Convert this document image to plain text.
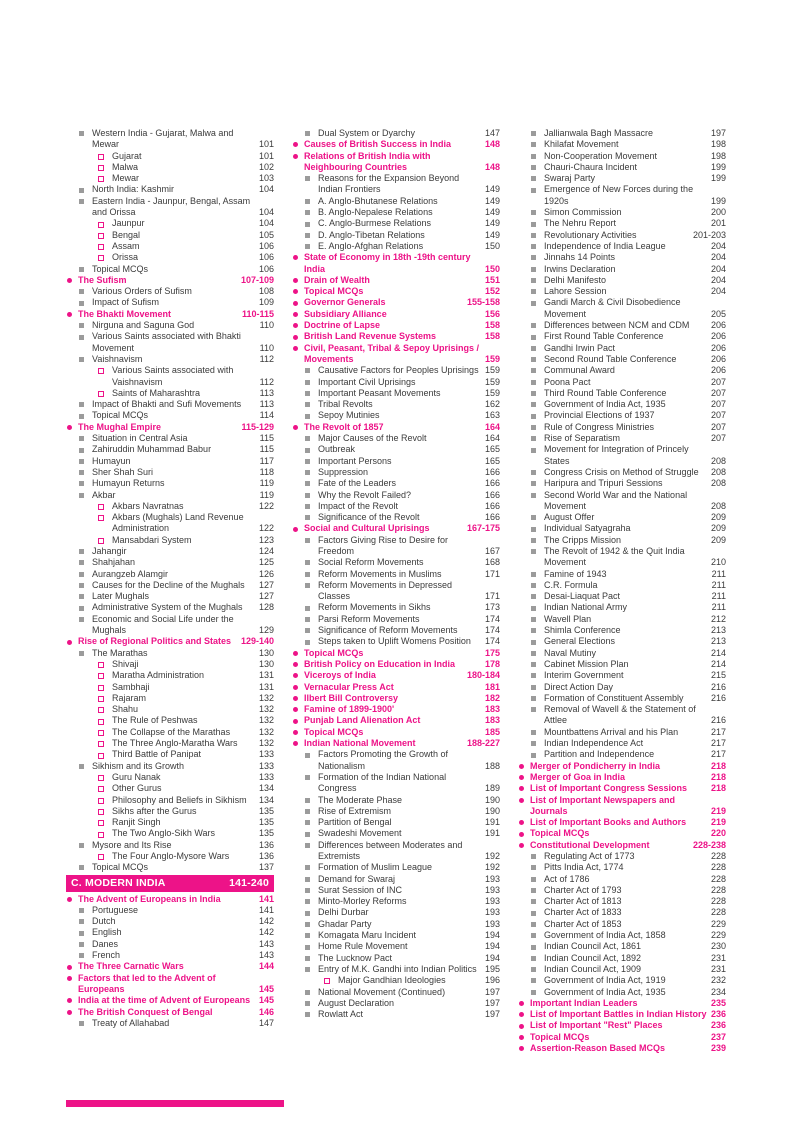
Western India - Gujarat, Malwa and Mewar	101
Gujarat	101
Malwa	102
Mewar	103
North India: Kashmir	104
Eastern India - Jaunpur, Bengal, Assam and Orissa	104
Jaunpur	104
Bengal	105
Assam	106
Orissa	106
Topical MCQs	106
The Sufism	107-109
Various Orders of Sufism	108
Impact of Sufism	109
The Bhakti Movement	110-115
Nirguna and Saguna God	110
Various Saints associated with Bhakti Movement	110
Vaishnavism	112
Various Saints associated with Vaishnavism	112
Saints of Maharashtra	113
Impact of Bhakti and Sufi Movements	113
Topical MCQs	114
The Mughal Empire	115-129
Situation in Central Asia	115
Zahiruddin Muhammad Babur	115
Humayun	117
Sher Shah Suri	118
Humayun Returns	119
Akbar	119
Akbars Navratnas	122
Akbars (Mughals) Land Revenue Administration	122
Mansabdari System	123
Jahangir	124
Shahjahan	125
Aurangzeb Alamgir	126
Causes for the Decline of the Mughals	127
Later Mughals	127
Administrative System of the Mughals	128
Economic and Social Life under the Mughals	129
Rise of Regional Politics and States	129-140
The Marathas	130
Shivaji	130
Maratha Administration	131
Sambhaji	131
Rajaram	132
Shahu	132
The Rule of Peshwas	132
The Collapse of the Marathas	132
The Three Anglo-Maratha Wars	132
Third Battle of Panipat	133
Sikhism and its Growth	133
Guru Nanak	133
Other Gurus	134
Philosophy and Beliefs in Sikhism	134
Sikhs after the Gurus	135
Ranjit Singh	135
The Two Anglo-Sikh Wars	135
Mysore and Its Rise	136
The Four Anglo-Mysore Wars	136
Topical MCQs	137
C. MODERN INDIA	141-240
The Advent of Europeans in India	141
Portuguese	141
Dutch	142
English	142
Danes	143
French	143
The Three Carnatic Wars	144
Factors that led to the Advent of Europeans	145
India at the time of Advent of Europeans 145
The British Conquest of Bengal	146
Treaty of Allahabad	147
Dual System or Dyarchy	147
Causes of British Success in India	148
Relations of British India with Neighbouring Countries	148
Reasons for the Expansion Beyond Indian Frontiers	149
A. Anglo-Bhutanese Relations	149
B. Anglo-Nepalese Relations	149
C. Anglo-Burmese Relations	149
D. Anglo-Tibetan Relations	149
E. Anglo-Afghan Relations	150
State of Economy in 18th -19th century India	150
Drain of Wealth	151
Topical MCQs	152
Governor Generals	155-158
Subsidiary Alliance	156
Doctrine of Lapse	158
British Land Revenue Systems	158
Civil, Peasant, Tribal & Sepoy Uprisings / Movements	159
Causative Factors for Peoples Uprisings 159
Important Civil Uprisings	159
Important Peasant Movements	159
Tribal Revolts	162
Sepoy Mutinies	163
The Revolt of 1857	164
Major Causes of the Revolt	164
Outbreak	165
Important Persons	165
Suppression	166
Fate of the Leaders	166
Why the Revolt Failed?	166
Impact of the Revolt	166
Significance of the Revolt	166
Social and Cultural Uprisings	167-175
Factors Giving Rise to Desire for Freedom	167
Social Reform Movements	168
Reform Movements in Muslims	171
Reform Movements in Depressed Classes	171
Reform Movements in Sikhs	173
Parsi Reform Movements	174
Significance of Reform Movements	174
Steps taken to Uplift Womens Position	174
Topical MCQs	175
British Policy on Education in India	178
Viceroys of India	180-184
Vernacular Press Act	181
Ilbert Bill Controversy	182
Famine of 1899-1900'	183
Punjab Land Alienation Act	183
Topical MCQs	185
Indian National Movement	188-227
Factors Promoting the Growth of Nationalism	188
Formation of the Indian National Congress	189
The Moderate Phase	190
Rise of Extremism	190
Partition of Bengal	191
Swadeshi Movement	191
Differences between Moderates and Extremists	192
Formation of Muslim League	192
Demand for Swaraj	193
Surat Session of INC	193
Minto-Morley Reforms	193
Delhi Durbar	193
Ghadar Party	193
Komagata Maru Incident	194
Home Rule Movement	194
The Lucknow Pact	194
Entry of M.K. Gandhi into Indian Politics 195
Major Gandhian Ideologies	196
National Movement (Continued)	197
August Declaration	197
Rowlatt Act	197
Jallianwala Bagh Massacre	197
Khilafat Movement	198
Non-Cooperation Movement	198
Chauri-Chaura Incident	199
Swaraj Party	199
Emergence of New Forces during the 1920s	199
Simon Commission	200
The Nehru Report	201
Revolutionary Activities	201-203
Independence of India League	204
Jinnahs 14 Points	204
Irwins Declaration	204
Delhi Manifesto	204
Lahore Session	204
Gandi March & Civil Disobedience Movement	205
Differences between NCM and CDM	206
First Round Table Conference	206
Gandhi Irwin Pact	206
Second Round Table Conference	206
Communal Award	206
Poona Pact	207
Third Round Table Conference	207
Government of India Act, 1935	207
Provincial Elections of 1937	207
Rule of Congress Ministries	207
Rise of Separatism	207
Movement for Integration of Princely States	208
Congress Crisis on Method of Struggle	208
Haripura and Tripuri Sessions	208
Second World War and the National Movement	208
August Offer	209
Individual Satyagraha	209
The Cripps Mission	209
The Revolt of 1942 & the Quit India Movement	210
Famine of 1943	211
C.R. Formula	211
Desai-Liaquat Pact	211
Indian National Army	211
Wavell Plan	212
Shimla Conference	213
General Elections	213
Naval Mutiny	214
Cabinet Mission Plan	214
Interim Government	215
Direct Action Day	216
Formation of Constituent Assembly	216
Removal of Wavell & the Statement of Attlee	216
Mountbattens Arrival and his Plan	217
Indian Independence Act	217
Partition and Independence	217
Merger of Pondicherry in India	218
Merger of Goa in India	218
List of Important Congress Sessions	218
List of Important Newspapers and Journals	219
List of Important Books and Authors	219
Topical MCQs	220
Constitutional Development	228-238
Regulating Act of 1773	228
Pitts India Act, 1774	228
Act of 1786	228
Charter Act of 1793	228
Charter Act of 1813	228
Charter Act of 1833	228
Charter Act of 1853	229
Government of India Act, 1858	229
Indian Council Act, 1861	230
Indian Council Act, 1892	231
Indian Council Act, 1909	231
Government of India Act, 1919	232
Government of India Act, 1935	234
Important Indian Leaders	235
List of Important Battles in Indian History 236
List of Important "Rest" Places	236
Topical MCQs	237
Assertion-Reason Based MCQs	239
